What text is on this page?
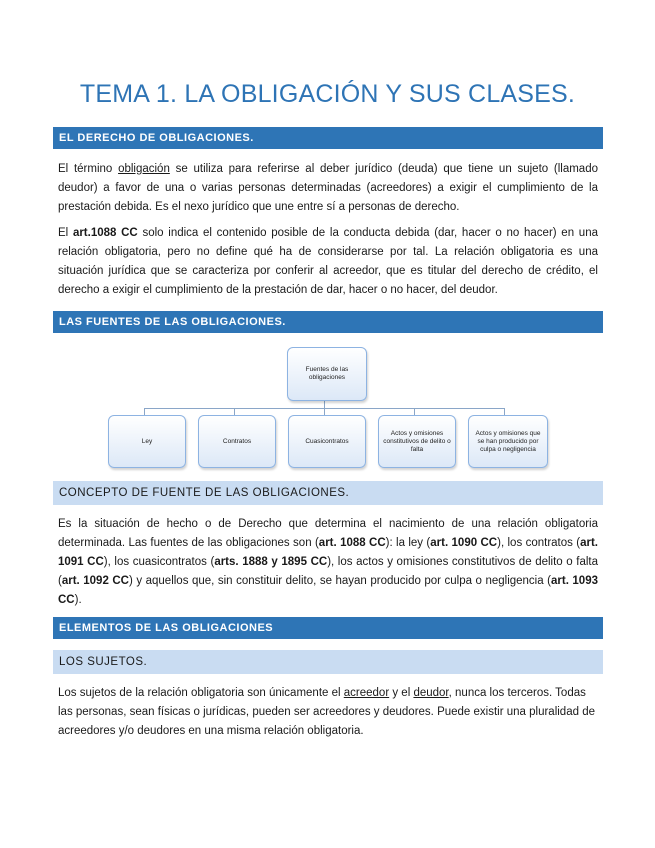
TEMA 1. LA OBLIGACIÓN Y SUS CLASES.
EL DERECHO DE OBLIGACIONES.

El término obligación se utiliza para referirse al deber jurídico (deuda) que tiene un sujeto (llamado deudor) a favor de una o varias personas determinadas (acreedores) a exigir el cumplimiento de la prestación debida. Es el nexo jurídico que une entre sí a personas de derecho.

El art.1088 CC solo indica el contenido posible de la conducta debida (dar, hacer o no hacer) en una relación obligatoria, pero no define qué ha de considerarse por tal. La relación obligatoria es una situación jurídica que se caracteriza por conferir al acreedor, que es titular del derecho de crédito, el derecho a exigir el cumplimiento de la prestación de dar, hacer o no hacer, del deudor.

LAS FUENTES DE LAS OBLIGACIONES.
Fuentes de las obligaciones
Ley	Contratos	Cuasicontratos
Actos y omisiones constitutivos de delito o falta
Actos y omisiones que se han producido por culpa o negligencia
CONCEPTO DE FUENTE DE LAS OBLIGACIONES.

Es la situación de hecho o de Derecho que determina el nacimiento de una relación obligatoria determinada. Las fuentes de las obligaciones son (art. 1088 CC): la ley (art. 1090 CC), los contratos (art. 1091 CC), los cuasicontratos (arts. 1888 y 1895 CC), los actos y omisiones constitutivos de delito o falta (art. 1092 CC) y aquellos que, sin constituir delito, se hayan producido por culpa o negligencia (art. 1093 CC).

ELEMENTOS DE LAS OBLIGACIONES
LOS SUJETOS.

Los sujetos de la relación obligatoria son únicamente el acreedor y el deudor, nunca los terceros. Todas las personas, sean físicas o jurídicas, pueden ser acreedores y deudores. Puede existir una pluralidad de acreedores y/o deudores en una misma relación obligatoria.
